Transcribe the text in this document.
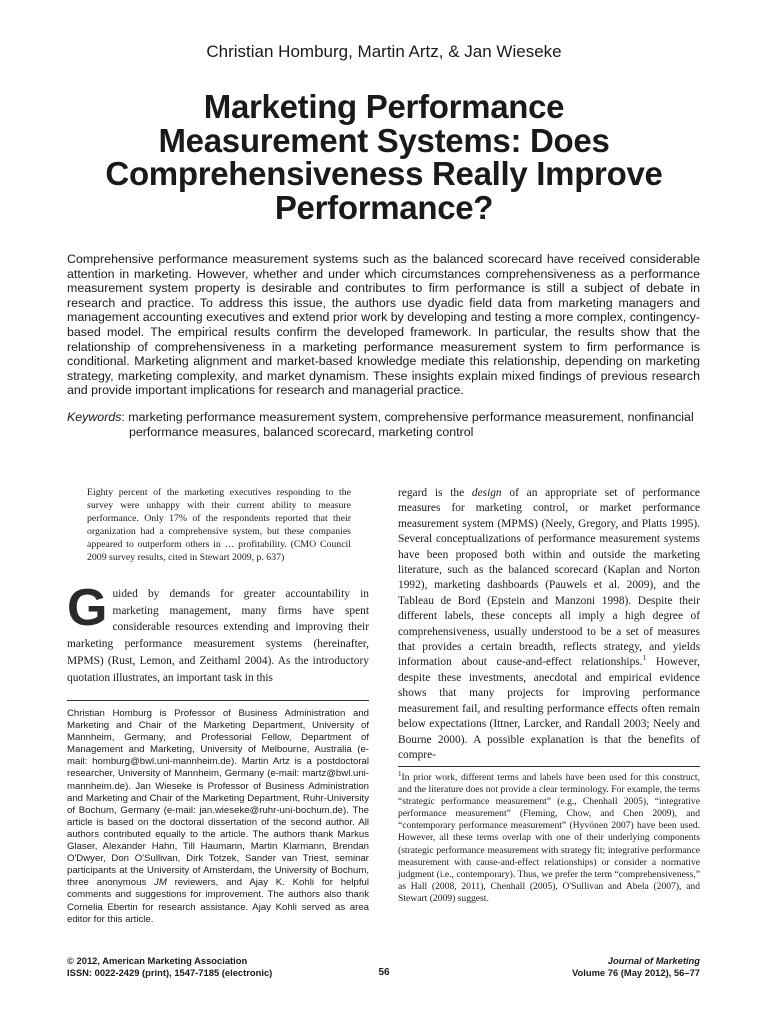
Christian Homburg, Martin Artz, & Jan Wieseke
Marketing Performance
Measurement Systems: Does
Comprehensiveness Really Improve
Performance?

Comprehensive performance measurement systems such as the balanced scorecard have received considerable attention in marketing. However, whether and under which circumstances comprehensiveness as a performance measurement system property is desirable and contributes to firm performance is still a subject of debate in research and practice. To address this issue, the authors use dyadic field data from marketing managers and management accounting executives and extend prior work by developing and testing a more complex, contingency-based model. The empirical results confirm the developed framework. In particular, the results show that the relationship of comprehensiveness in a marketing performance measurement system to firm performance is conditional. Marketing alignment and market-based knowledge mediate this relationship, depending on marketing strategy, marketing complexity, and market dynamism. These insights explain mixed findings of previous research and provide important implications for research and managerial practice.

Keywords: marketing performance measurement system, comprehensive performance measurement, nonfinancial
performance measures, balanced scorecard, marketing control

Eighty percent of the marketing executives responding to the survey were unhappy with their current ability to measure performance. Only 17% of the respondents reported that their organization had a comprehensive system, but these companies appeared to outperform others in … profitability. (CMO Council 2009 survey results, cited in Stewart 2009, p. 637)

Guided by demands for greater accountability in marketing management, many firms have spent considerable resources extending and improving their marketing performance measurement systems (hereinafter, MPMS) (Rust, Lemon, and Zeithaml 2004). As the introductory quotation illustrates, an important task in this

Christian Homburg is Professor of Business Administration and Marketing and Chair of the Marketing Department, University of Mannheim, Germany, and Professorial Fellow, Department of Management and Marketing, University of Melbourne, Australia (e-mail: homburg@bwl.uni-mannheim.de). Martin Artz is a postdoctoral researcher, University of Mannheim, Germany (e-mail: martz@bwl.uni-mannheim.de). Jan Wieseke is Professor of Business Administration and Marketing and Chair of the Marketing Department, Ruhr-University of Bochum, Germany (e-mail: jan.wieseke@ruhr-uni-bochum.de). The article is based on the doctoral dissertation of the second author. All authors contributed equally to the article. The authors thank Markus Glaser, Alexander Hahn, Till Haumann, Martin Klarmann, Brendan O'Dwyer, Don O'Sullivan, Dirk Totzek, Sander van Triest, seminar participants at the University of Amsterdam, the University of Bochum, three anonymous JM reviewers, and Ajay K. Kohli for helpful comments and suggestions for improvement. The authors also thank Cornelia Ebertin for research assistance. Ajay Kohli served as area editor for this article.

regard is the design of an appropriate set of performance measures for marketing control, or market performance measurement system (MPMS) (Neely, Gregory, and Platts 1995). Several conceptualizations of performance measurement systems have been proposed both within and outside the marketing literature, such as the balanced scorecard (Kaplan and Norton 1992), marketing dashboards (Pauwels et al. 2009), and the Tableau de Bord (Epstein and Manzoni 1998). Despite their different labels, these concepts all imply a high degree of comprehensiveness, usually understood to be a set of measures that provides a certain breadth, reflects strategy, and yields information about cause-and-effect relationships.$^1$ However, despite these investments, anecdotal and empirical evidence shows that many projects for improving performance measurement fail, and resulting performance effects often remain below expectations (Ittner, Larcker, and Randall 2003; Neely and Bourne 2000). A possible explanation is that the benefits of compre-

$^1$In prior work, different terms and labels have been used for this construct, and the literature does not provide a clear terminology. For example, the terms “strategic performance measurement” (e.g., Chenhall 2005), “integrative performance measurement” (Fleming, Chow, and Chen 2009), and “contemporary performance measurement” (Hyvönen 2007) have been used. However, all these terms overlap with one of their underlying components (strategic performance measurement with strategy fit; integrative performance measurement with cause-and-effect relationships) or consider a normative judgment (i.e., contemporary). Thus, we prefer the term “comprehensiveness,” as Hall (2008, 2011), Chenhall (2005), O'Sullivan and Abela (2007), and Stewart (2009) suggest.

© 2012, American Marketing Association
ISSN: 0022-2429 (print), 1547-7185 (electronic)	56
Journal of Marketing
Volume 76 (May 2012), 56–77
